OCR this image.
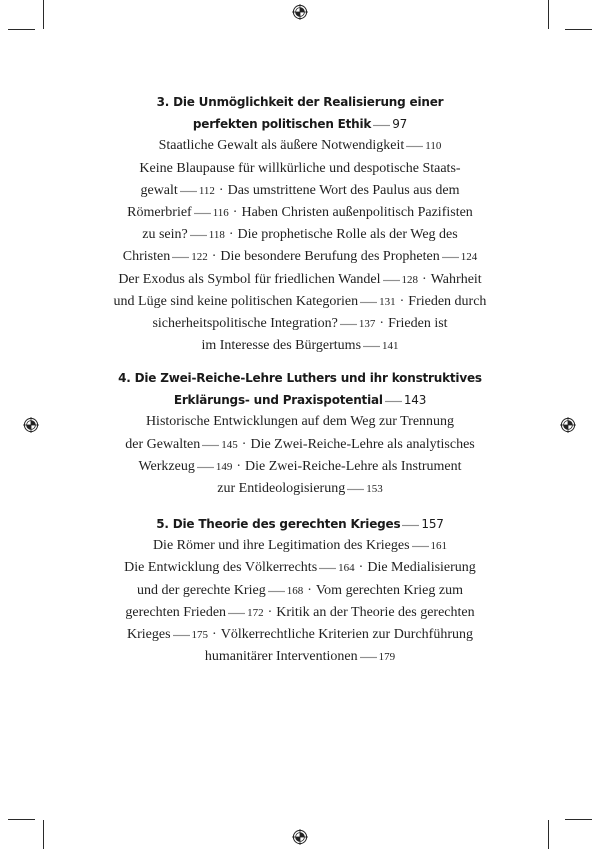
3. Die Unmöglichkeit der Realisierung einer
perfekten politischen Ethik 97
Staatliche Gewalt als äußere Notwendigkeit 110
Keine Blaupause für willkürliche und despotische Staats-
gewalt 112 · Das umstrittene Wort des Paulus aus dem
Römerbrief 116 · Haben Christen außenpolitisch Pazifisten
zu sein? 118 · Die prophetische Rolle als der Weg des
Christen 122 · Die besondere Berufung des Propheten 124
Der Exodus als Symbol für friedlichen Wandel 128 · Wahrheit
und Lüge sind keine politischen Kategorien 131 · Frieden durch
sicherheitspolitische Integration? 137 · Frieden ist
im Interesse des Bürgertums 141
4. Die Zwei-Reiche-Lehre Luthers und ihr konstruktives
Erklärungs- und Praxispotential 143
Historische Entwicklungen auf dem Weg zur Trennung
der Gewalten 145 · Die Zwei-Reiche-Lehre als analytisches
Werkzeug 149 · Die Zwei-Reiche-Lehre als Instrument
zur Entideologisierung 153
5. Die Theorie des gerechten Krieges 157
Die Römer und ihre Legitimation des Krieges 161
Die Entwicklung des Völkerrechts 164 · Die Medialisierung
und der gerechte Krieg 168 · Vom gerechten Krieg zum
gerechten Frieden 172 · Kritik an der Theorie des gerechten
Krieges 175 · Völkerrechtliche Kriterien zur Durchführung
humanitärer Interventionen 179
